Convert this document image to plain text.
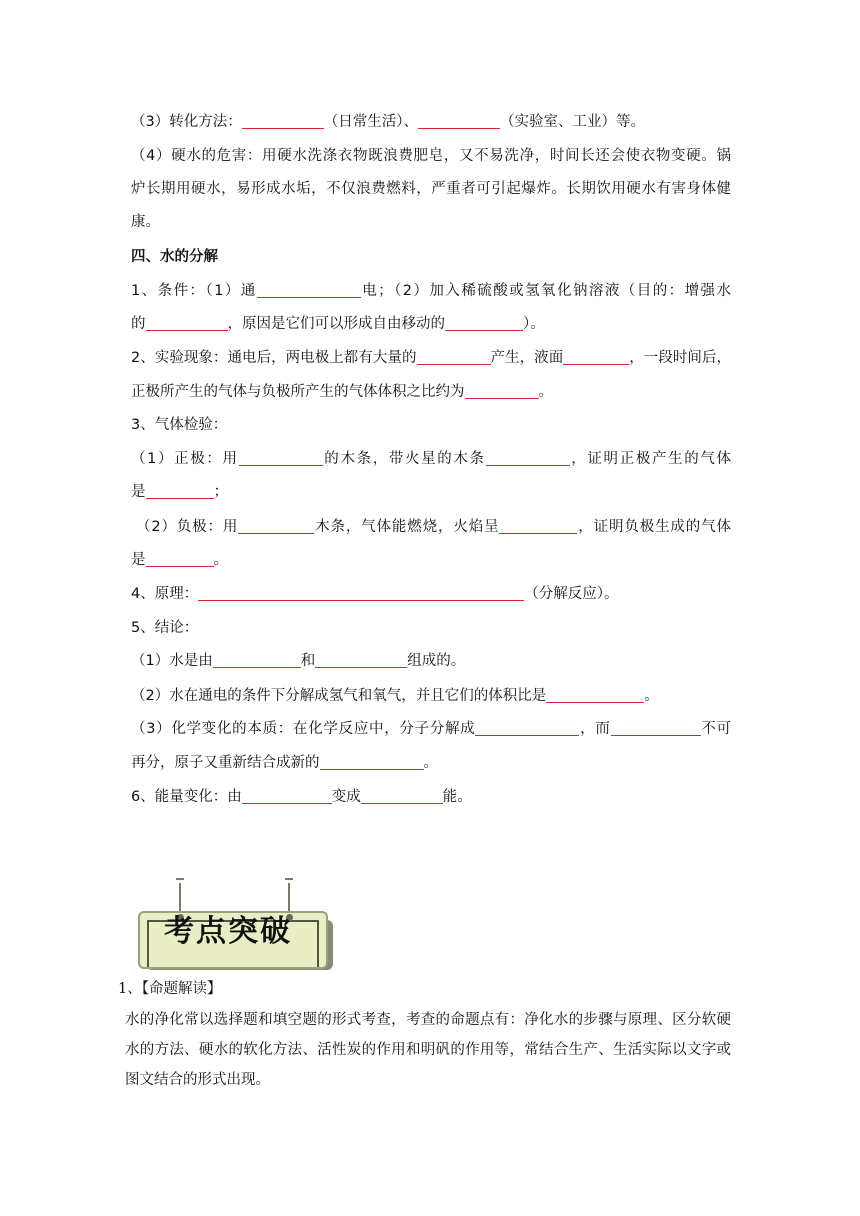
（3）转化方法：	（日常生活）、	（实验室、工业）等。
（4）硬水的危害：用硬水洗涤衣物既浪费肥皂，又不易洗净，时间长还会使衣物变硬。锅
炉长期用硬水，易形成水垢，不仅浪费燃料，严重者可引起爆炸。长期饮用硬水有害身体健
康。
四、水的分解
1、条件：（1）通	电；（2）加入稀硫酸或氢氧化钠溶液（目的：增强水
的	，原因是它们可以形成自由移动的	）。
2、实验现象：通电后，两电极上都有大量的	产生，液面	，一段时间后，
正极所产生的气体与负极所产生的气体体积之比约为	。
3、气体检验：
（1）正极：用	的木条，带火星的木条	，证明正极产生的气体
是	；
（2）负极：用	木条，气体能燃烧，火焰呈	，证明负极生成的气体
是	。
4、原理：	（分解反应）。
5、结论：
（1）水是由	和	组成的。
（2）水在通电的条件下分解成氢气和氧气，并且它们的体积比是	。
（3）化学变化的本质：在化学反应中，分子分解成	，而	不可
再分，原子又重新结合成新的	。
6、能量变化：由	变成	能。
考点突破
1、【命题解读】
水的净化常以选择题和填空题的形式考查，考查的命题点有：净化水的步骤与原理、区分软硬水的方法、硬水的软化方法、活性炭的作用和明矾的作用等，常结合生产、生活实际以文字或图文结合的形式出现。
